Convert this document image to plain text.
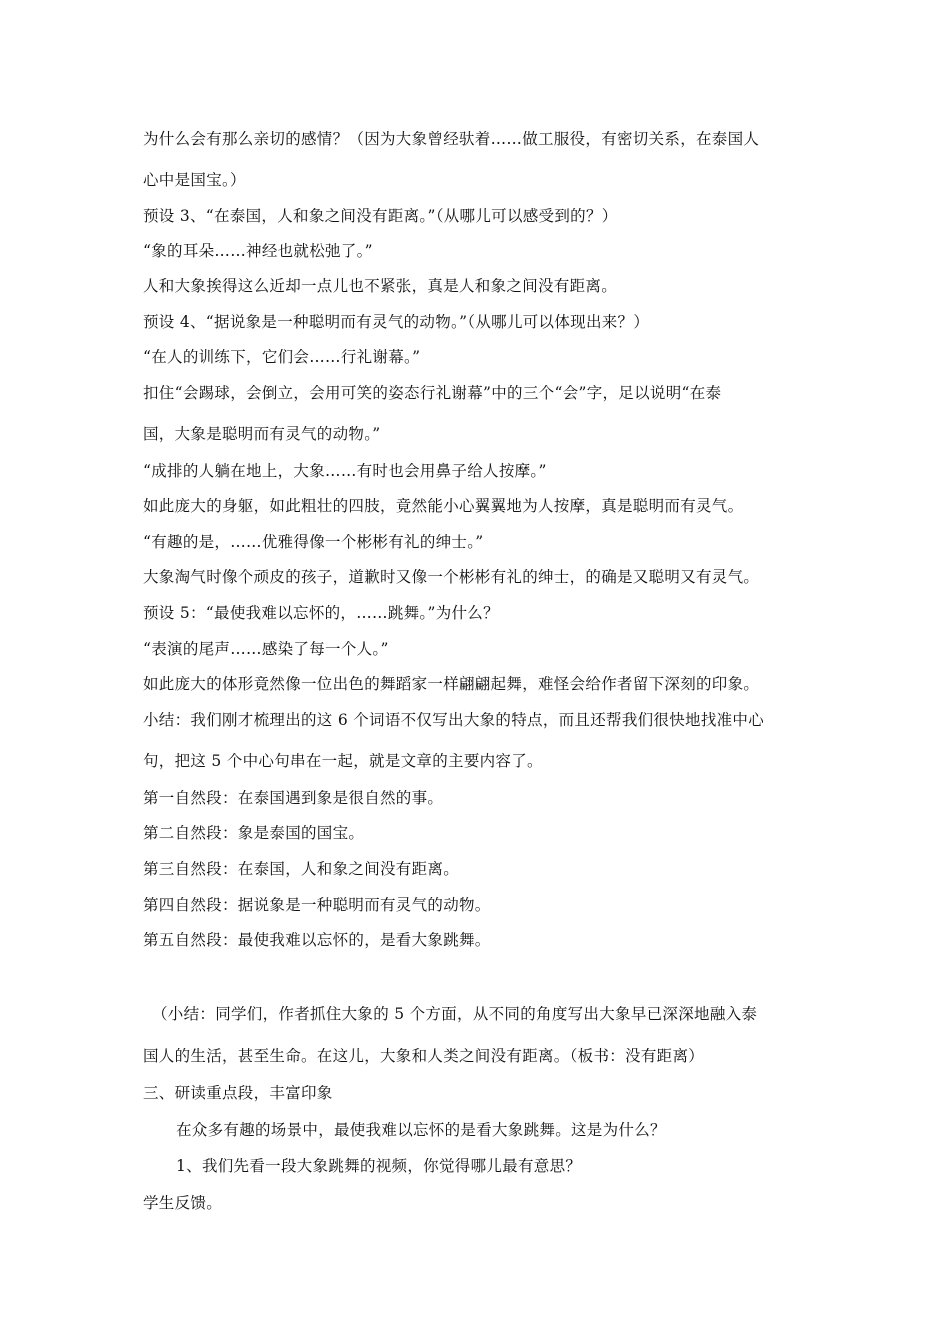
为什么会有那么亲切的感情？（因为大象曾经驮着……做工服役，有密切关系，在泰国人
心中是国宝。）
预设 3、“在泰国，人和象之间没有距离。”（从哪儿可以感受到的？）
“象的耳朵……神经也就松弛了。”
人和大象挨得这么近却一点儿也不紧张，真是人和象之间没有距离。
预设 4、“据说象是一种聪明而有灵气的动物。”（从哪儿可以体现出来？）
“在人的训练下，它们会……行礼谢幕。”
扣住“会踢球，会倒立，会用可笑的姿态行礼谢幕”中的三个“会”字，足以说明“在泰
国，大象是聪明而有灵气的动物。”
“成排的人躺在地上，大象……有时也会用鼻子给人按摩。”
如此庞大的身躯，如此粗壮的四肢，竟然能小心翼翼地为人按摩，真是聪明而有灵气。
“有趣的是，……优雅得像一个彬彬有礼的绅士。”
大象淘气时像个顽皮的孩子，道歉时又像一个彬彬有礼的绅士，的确是又聪明又有灵气。
预设 5：“最使我难以忘怀的，……跳舞。”为什么？
“表演的尾声……感染了每一个人。”
如此庞大的体形竟然像一位出色的舞蹈家一样翩翩起舞，难怪会给作者留下深刻的印象。
小结：我们刚才梳理出的这 6 个词语不仅写出大象的特点，而且还帮我们很快地找准中心
句，把这 5 个中心句串在一起，就是文章的主要内容了。
第一自然段：在泰国遇到象是很自然的事。
第二自然段：象是泰国的国宝。
第三自然段：在泰国，人和象之间没有距离。
第四自然段：据说象是一种聪明而有灵气的动物。
第五自然段：最使我难以忘怀的，是看大象跳舞。
（小结：同学们，作者抓住大象的 5 个方面，从不同的角度写出大象早已深深地融入泰
国人的生活，甚至生命。在这儿，大象和人类之间没有距离。（板书：没有距离）
三、研读重点段，丰富印象
在众多有趣的场景中，最使我难以忘怀的是看大象跳舞。这是为什么？
1、我们先看一段大象跳舞的视频，你觉得哪儿最有意思？
学生反馈。
